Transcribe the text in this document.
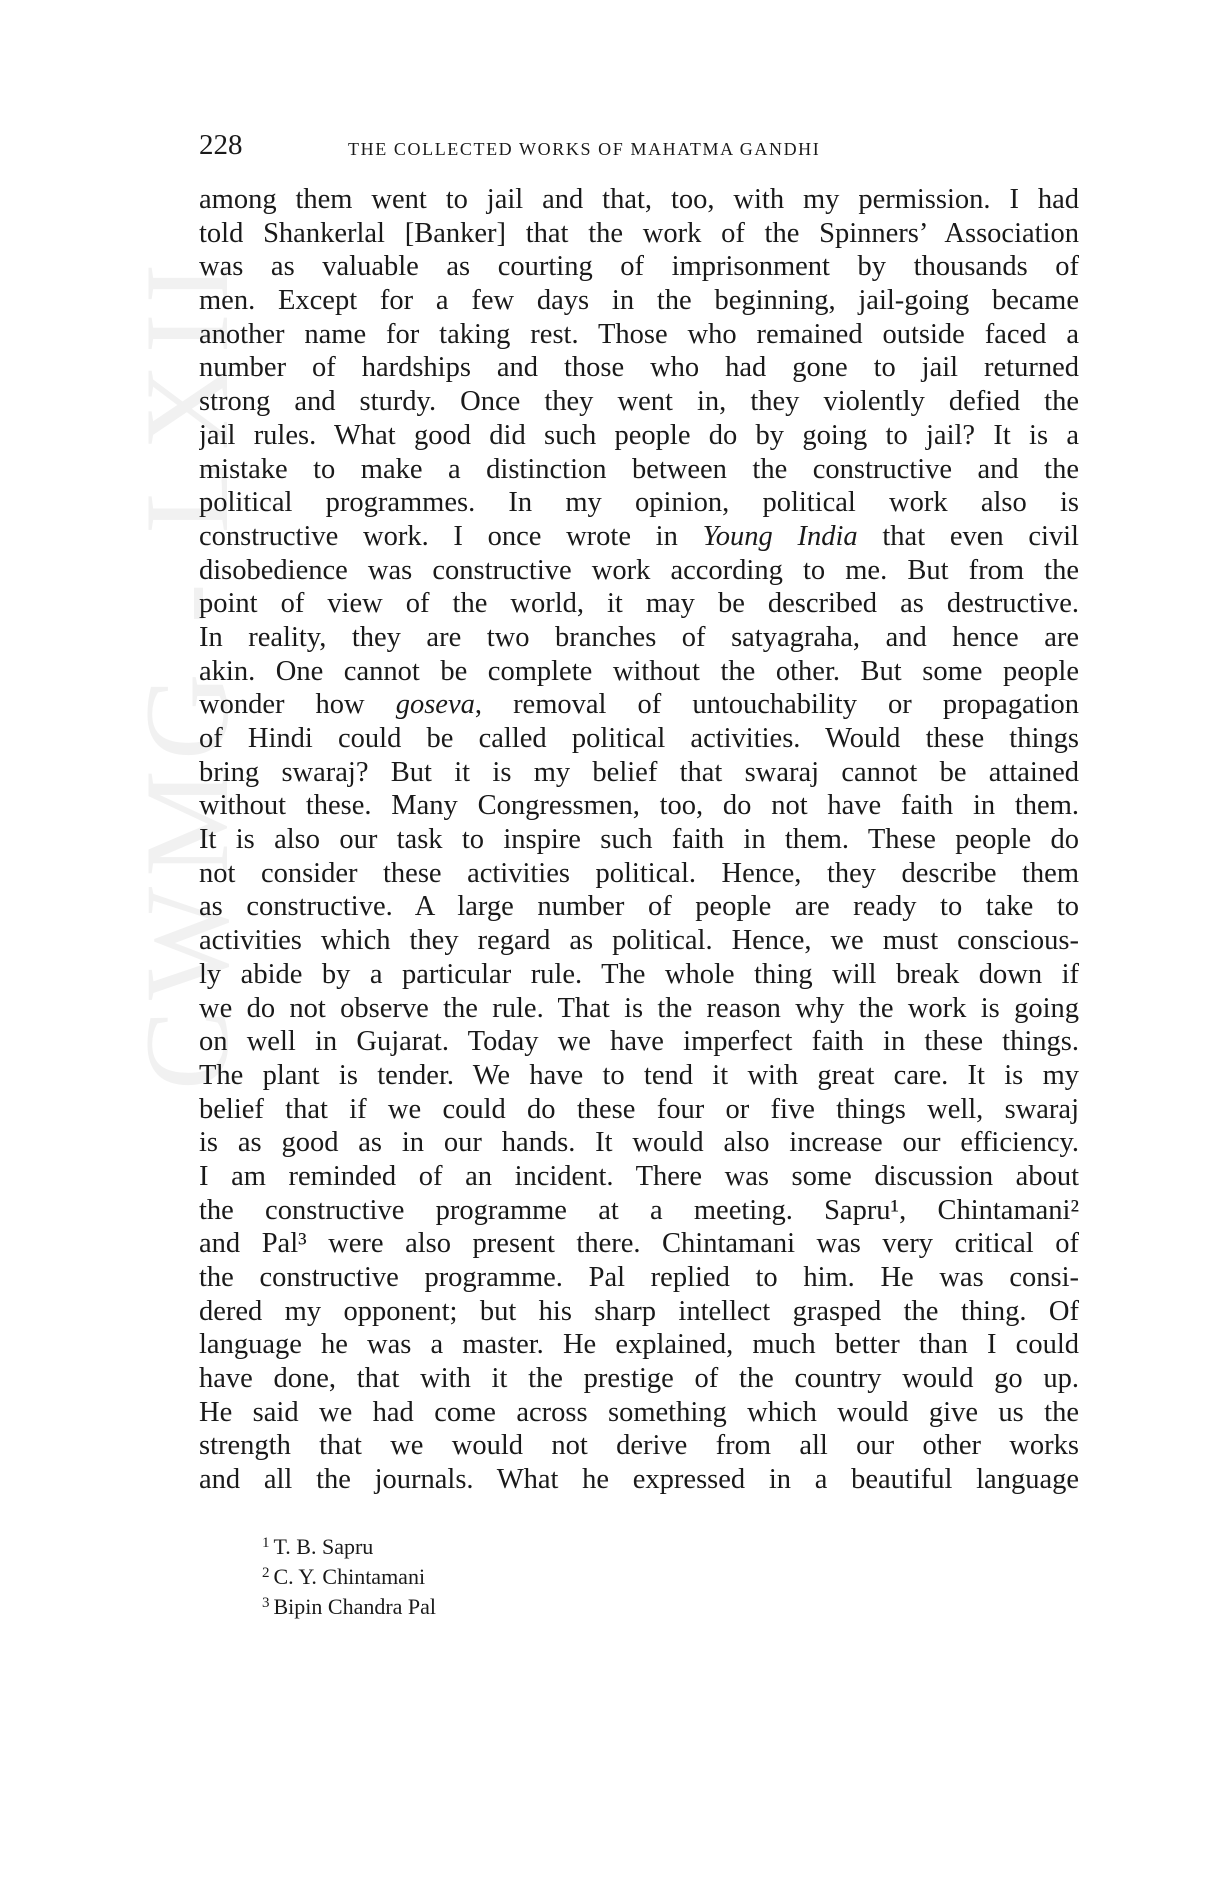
CWMG - LXII
228	THE COLLECTED WORKS OF MAHATMA GANDHI
among them went to jail and that, too, with my permission. I had
told Shankerlal [Banker] that the work of the Spinners’ Association
was as valuable as courting of imprisonment by thousands of
men. Except for a few days in the beginning, jail-going became
another name for taking rest. Those who remained outside faced a
number of hardships and those who had gone to jail returned
strong and sturdy. Once they went in, they violently defied the
jail rules. What good did such people do by going to jail? It is a
mistake to make a distinction between the constructive and the
political programmes. In my opinion, political work also is
constructive work. I once wrote in Young India that even civil
disobedience was constructive work according to me. But from the
point of view of the world, it may be described as destructive.
In reality, they are two branches of satyagraha, and hence are
akin. One cannot be complete without the other. But some people
wonder how goseva, removal of untouchability or propagation
of Hindi could be called political activities. Would these things
bring swaraj? But it is my belief that swaraj cannot be attained
without these. Many Congressmen, too, do not have faith in them.
It is also our task to inspire such faith in them. These people do
not consider these activities political. Hence, they describe them
as constructive. A large number of people are ready to take to
activities which they regard as political. Hence, we must conscious-
ly abide by a particular rule. The whole thing will break down if
we do not observe the rule. That is the reason why the work is going
on well in Gujarat. Today we have imperfect faith in these things.
The plant is tender. We have to tend it with great care. It is my
belief that if we could do these four or five things well, swaraj
is as good as in our hands. It would also increase our efficiency.
I am reminded of an incident. There was some discussion about
the constructive programme at a meeting. Sapru¹, Chintamani²
and Pal³ were also present there. Chintamani was very critical of
the constructive programme. Pal replied to him. He was consi-
dered my opponent; but his sharp intellect grasped the thing. Of
language he was a master. He explained, much better than I could
have done, that with it the prestige of the country would go up.
He said we had come across something which would give us the
strength that we would not derive from all our other works
and all the journals. What he expressed in a beautiful language
1 T. B. Sapru
2 C. Y. Chintamani
3 Bipin Chandra Pal
